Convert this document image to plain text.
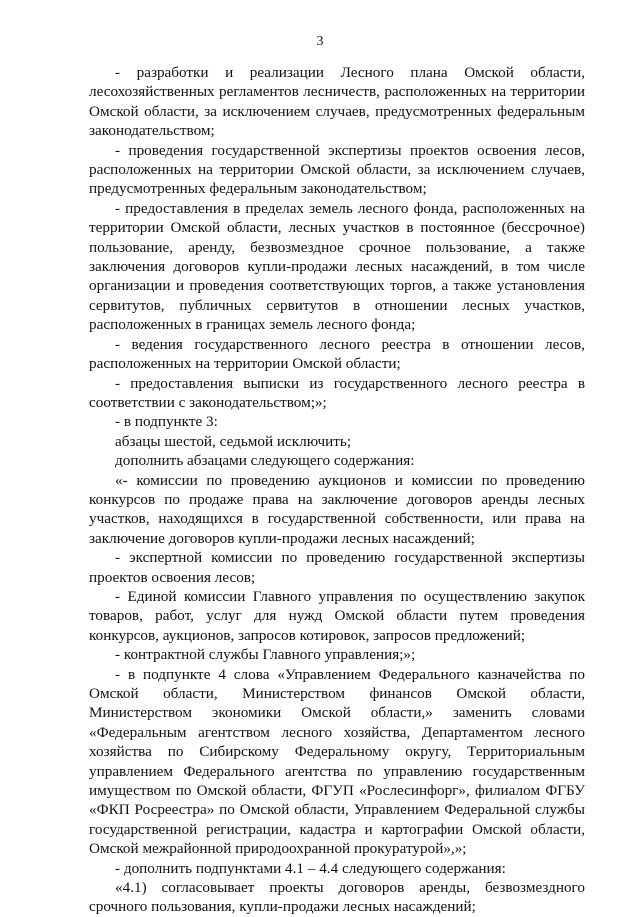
3

- разработки и реализации Лесного плана Омской области, лесохозяйственных регламентов лесничеств, расположенных на территории Омской области, за исключением случаев, предусмотренных федеральным законодательством;

- проведения государственной экспертизы проектов освоения лесов, расположенных на территории Омской области, за исключением случаев, предусмотренных федеральным законодательством;

- предоставления в пределах земель лесного фонда, расположенных на территории Омской области, лесных участков в постоянное (бессрочное) пользование, аренду, безвозмездное срочное пользование, а также заключения договоров купли-продажи лесных насаждений, в том числе организации и проведения соответствующих торгов, а также установления сервитутов, публичных сервитутов в отношении лесных участков, расположенных в границах земель лесного фонда;

- ведения государственного лесного реестра в отношении лесов, расположенных на территории Омской области;

- предоставления выписки из государственного лесного реестра в соответствии с законодательством;»;

- в подпункте 3:

абзацы шестой, седьмой исключить;

дополнить абзацами следующего содержания:

«- комиссии по проведению аукционов и комиссии по проведению конкурсов по продаже права на заключение договоров аренды лесных участков, находящихся в государственной собственности, или права на заключение договоров купли-продажи лесных насаждений;

- экспертной комиссии по проведению государственной экспертизы проектов освоения лесов;

- Единой комиссии Главного управления по осуществлению закупок товаров, работ, услуг для нужд Омской области путем проведения конкурсов, аукционов, запросов котировок, запросов предложений;

- контрактной службы Главного управления;»;

- в подпункте 4 слова «Управлением Федерального казначейства по Омской области, Министерством финансов Омской области, Министерством экономики Омской области,» заменить словами «Федеральным агентством лесного хозяйства, Департаментом лесного хозяйства по Сибирскому Федеральному округу, Территориальным управлением Федерального агентства по управлению государственным имуществом по Омской области, ФГУП «Рослесинфорг», филиалом ФГБУ «ФКП Росреестра» по Омской области, Управлением Федеральной службы государственной регистрации, кадастра и картографии Омской области, Омской межрайонной природоохранной прокуратурой»,»;

- дополнить подпунктами 4.1 – 4.4 следующего содержания:

«4.1) согласовывает проекты договоров аренды, безвозмездного срочного пользования, купли-продажи лесных насаждений;
